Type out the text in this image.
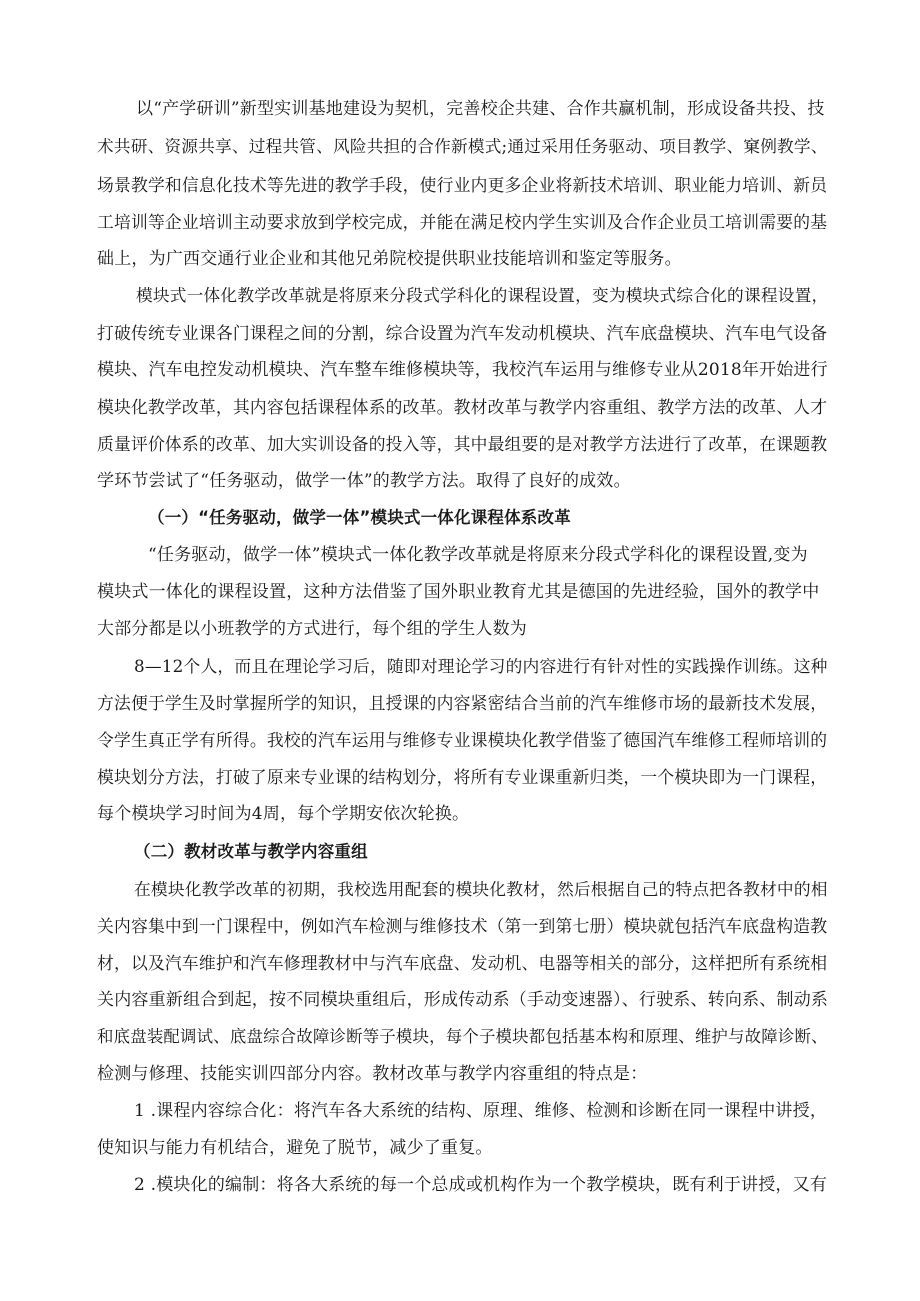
以“产学研训”新型实训基地建设为契机，完善校企共建、合作共赢机制，形成设备共投、技

术共研、资源共享、过程共管、风险共担的合作新模式;通过采用任务驱动、项目教学、窠例教学、

场景教学和信息化技术等先进的教学手段，使行业内更多企业将新技术培训、职业能力培训、新员

工培训等企业培训主动要求放到学校完成，并能在满足校内学生实训及合作企业员工培训需要的基

础上，为广西交通行业企业和其他兄弟院校提供职业技能培训和鉴定等服务。

模块式一体化教学改革就是将原来分段式学科化的课程设置，变为模块式综合化的课程设置，

打破传统专业课各门课程之间的分割，综合设置为汽车发动机模块、汽车底盘模块、汽车电气设备

模块、汽车电控发动机模块、汽车整车维修模块等，我校汽车运用与维修专业从2018年开始进行

模块化教学改革，其内容包括课程体系的改革。教材改革与教学内容重组、教学方法的改革、人才

质量评价体系的改革、加大实训设备的投入等，其中最组要的是对教学方法进行了改革，在课题教

学环节尝试了“任务驱动，做学一体”的教学方法。取得了良好的成效。

（一）“任务驱动，做学一体”模块式一体化课程体系改革

“任务驱动，做学一体”模块式一体化教学改革就是将原来分段式学科化的课程设置,变为

模块式一体化的课程设置，这种方法借鉴了国外职业教育尤其是德国的先进经验，国外的教学中

大部分都是以小班教学的方式进行，每个组的学生人数为

8—12个人，而且在理论学习后，随即对理论学习的内容进行有针对性的实践操作训练。这种

方法便于学生及时掌握所学的知识，且授课的内容紧密结合当前的汽车维修市场的最新技术发展，

令学生真正学有所得。我校的汽车运用与维修专业课模块化教学借鉴了德国汽车维修工程师培训的

模块划分方法，打破了原来专业课的结构划分，将所有专业课重新归类，一个模块即为一门课程，

每个模块学习时间为4周，每个学期安依次轮换。

（二）教材改革与教学内容重组

在模块化教学改革的初期，我校选用配套的模块化教材，然后根据自己的特点把各教材中的相

关内容集中到一门课程中，例如汽车检测与维修技术（第一到第七册）模块就包括汽车底盘构造教

材，以及汽车维护和汽车修理教材中与汽车底盘、发动机、电器等相关的部分，这样把所有系统相

关内容重新组合到起，按不同模块重组后，形成传动系（手动变速器）、行驶系、转向系、制动系

和底盘装配调试、底盘综合故障诊断等子模块，每个子模块都包括基本构和原理、维护与故障诊断、

检测与修理、技能实训四部分内容。教材改革与教学内容重组的特点是：

1 .课程内容综合化：将汽车各大系统的结构、原理、维修、检测和诊断在同一课程中讲授，

使知识与能力有机结合，避免了脱节，减少了重复。

2 .模块化的编制：将各大系统的每一个总成或机构作为一个教学模块，既有利于讲授，又有
